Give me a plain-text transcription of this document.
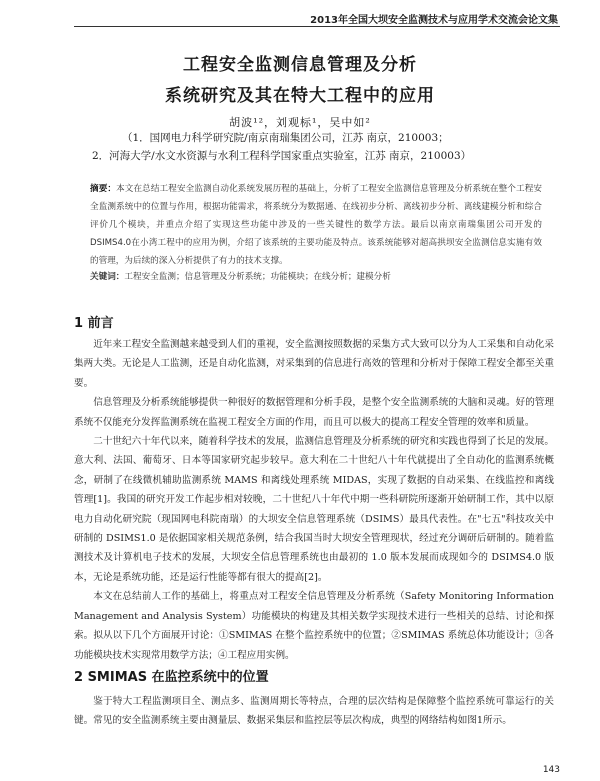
2013年全国大坝安全监测技术与应用学术交流会论文集
工程安全监测信息管理及分析
系统研究及其在特大工程中的应用
胡波¹²，刘观标¹，吴中如²
（1．国网电力科学研究院/南京南瑞集团公司，江苏 南京，210003；
2．河海大学/水文水资源与水利工程科学国家重点实验室，江苏 南京，210003）
摘要：本文在总结工程安全监测自动化系统发展历程的基础上，分析了工程安全监测信息管理及分析系统在整个工程安全监测系统中的位置与作用，根据功能需求，将系统分为数据通、在线初步分析、离线初步分析、离线建模分析和综合评价几个模块，并重点介绍了实现这些功能中涉及的一些关键性的数学方法。最后以南京南瑞集团公司开发的DSIMS4.0在小湾工程中的应用为例，介绍了该系统的主要功能及特点。该系统能够对超高拱坝安全监测信息实施有效的管理，为后续的深入分析提供了有力的技术支撑。
关键词：工程安全监测；信息管理及分析系统；功能模块；在线分析；建模分析
1 前言

近年来工程安全监测越来越受到人们的重视，安全监测按照数据的采集方式大致可以分为人工采集和自动化采集两大类。无论是人工监测，还是自动化监测，对采集到的信息进行高效的管理和分析对于保障工程安全都至关重要。

信息管理及分析系统能够提供一种很好的数据管理和分析手段，是整个安全监测系统的大脑和灵魂。好的管理系统不仅能充分发挥监测系统在监视工程安全方面的作用，而且可以极大的提高工程安全管理的效率和质量。

二十世纪六十年代以来，随着科学技术的发展，监测信息管理及分析系统的研究和实践也得到了长足的发展。意大利、法国、葡萄牙、日本等国家研究起步较早。意大利在二十世纪八十年代就提出了全自动化的监测系统概念，研制了在线微机辅助监测系统 MAMS 和离线处理系统 MIDAS，实现了数据的自动采集、在线监控和离线管理[1]。我国的研究开发工作起步相对较晚，二十世纪八十年代中期一些科研院所逐渐开始研制工作，其中以原电力自动化研究院（现国网电科院南瑞）的大坝安全信息管理系统（DSIMS）最具代表性。在"七五"科技攻关中研制的 DSIMS1.0 是依据国家相关规范条例，结合我国当时大坝安全管理现状，经过充分调研后研制的。随着监测技术及计算机电子技术的发展，大坝安全信息管理系统也由最初的 1.0 版本发展而成现如今的 DSIMS4.0 版本，无论是系统功能，还是运行性能等都有很大的提高[2]。

本文在总结前人工作的基础上，将重点对工程安全信息管理及分析系统（Safety Monitoring Information Management and Analysis System）功能模块的构建及其相关数学实现技术进行一些相关的总结、讨论和探索。拟从以下几个方面展开讨论：①SMIMAS 在整个监控系统中的位置；②SMIMAS 系统总体功能设计；③各功能模块技术实现常用数学方法；④工程应用实例。

2 SMIMAS 在监控系统中的位置

鉴于特大工程监测项目全、测点多、监测周期长等特点，合理的层次结构是保障整个监控系统可靠运行的关键。常见的安全监测系统主要由测量层、数据采集层和监控层等层次构成，典型的网络结构如图1所示。

143
